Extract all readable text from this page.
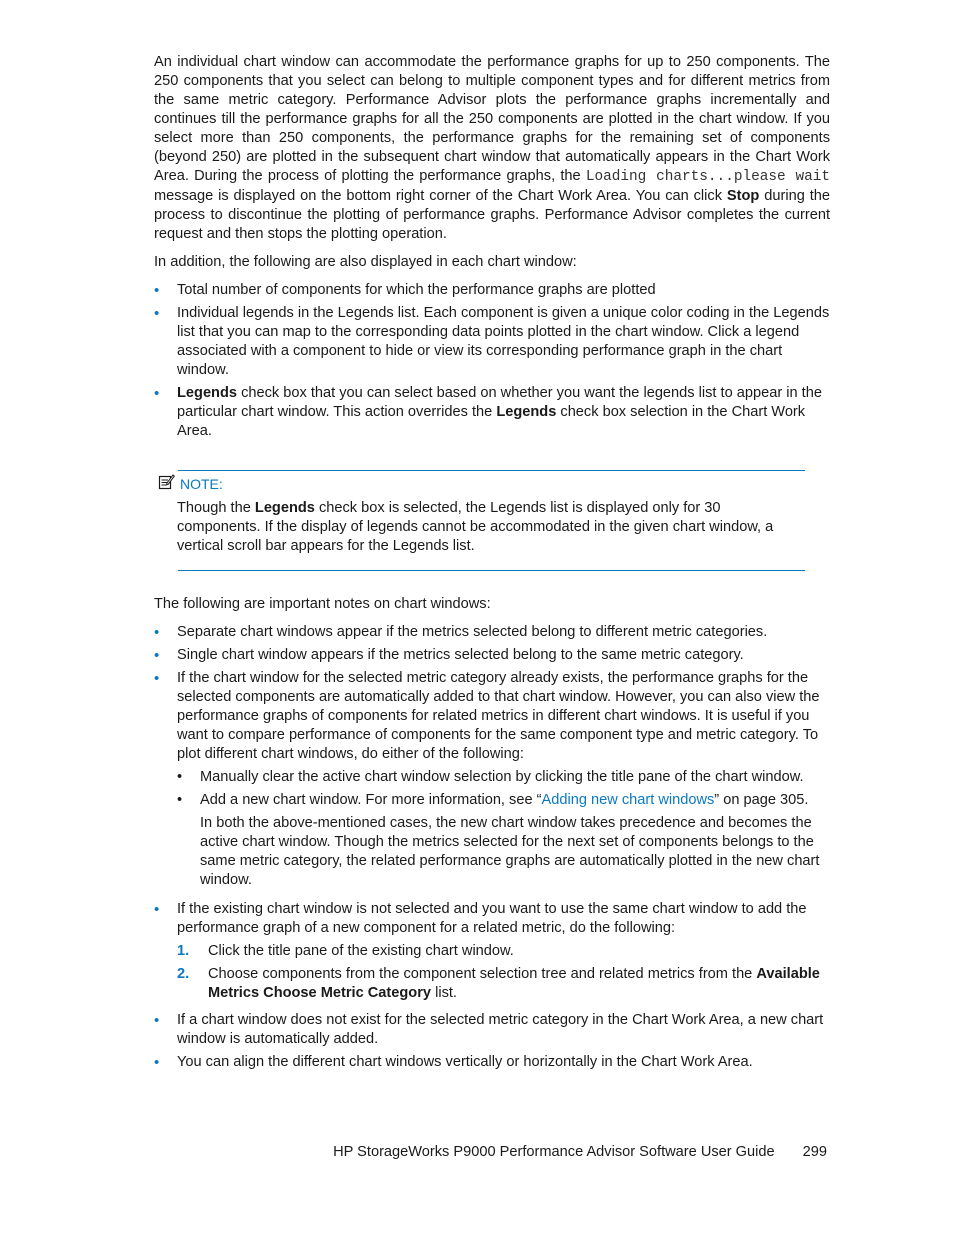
An individual chart window can accommodate the performance graphs for up to 250 components. The 250 components that you select can belong to multiple component types and for different metrics from the same metric category. Performance Advisor plots the performance graphs incrementally and continues till the performance graphs for all the 250 components are plotted in the chart window. If you select more than 250 components, the performance graphs for the remaining set of components (beyond 250) are plotted in the subsequent chart window that automatically appears in the Chart Work Area. During the process of plotting the performance graphs, the Loading charts...please wait message is displayed on the bottom right corner of the Chart Work Area. You can click Stop during the process to discontinue the plotting of performance graphs. Performance Advisor completes the current request and then stops the plotting operation.

In addition, the following are also displayed in each chart window:

• Total number of components for which the performance graphs are plotted
• Individual legends in the Legends list. Each component is given a unique color coding in the Legends list that you can map to the corresponding data points plotted in the chart window. Click a legend associated with a component to hide or view its corresponding performance graph in the chart window.
• Legends check box that you can select based on whether you want the legends list to appear in the particular chart window. This action overrides the Legends check box selection in the Chart Work Area.
NOTE:

Though the Legends check box is selected, the Legends list is displayed only for 30 components. If the display of legends cannot be accommodated in the given chart window, a vertical scroll bar appears for the Legends list.

The following are important notes on chart windows:

• Separate chart windows appear if the metrics selected belong to different metric categories.
• Single chart window appears if the metrics selected belong to the same metric category.
• If the chart window for the selected metric category already exists, the performance graphs for the selected components are automatically added to that chart window. However, you can also view the performance graphs of components for related metrics in different chart windows. It is useful if you want to compare performance of components for the same component type and metric category. To plot different chart windows, do either of the following:
• Manually clear the active chart window selection by clicking the title pane of the chart window.
• Add a new chart window. For more information, see “Adding new chart windows” on page 305.

In both the above-mentioned cases, the new chart window takes precedence and becomes the active chart window. Though the metrics selected for the next set of components belongs to the same metric category, the related performance graphs are automatically plotted in the new chart window.

• If the existing chart window is not selected and you want to use the same chart window to add the performance graph of a new component for a related metric, do the following:
1. Click the title pane of the existing chart window.
2. Choose components from the component selection tree and related metrics from the Available Metrics Choose Metric Category list.
• If a chart window does not exist for the selected metric category in the Chart Work Area, a new chart window is automatically added.
• You can align the different chart windows vertically or horizontally in the Chart Work Area.
HP StorageWorks P9000 Performance Advisor Software User Guide 299
